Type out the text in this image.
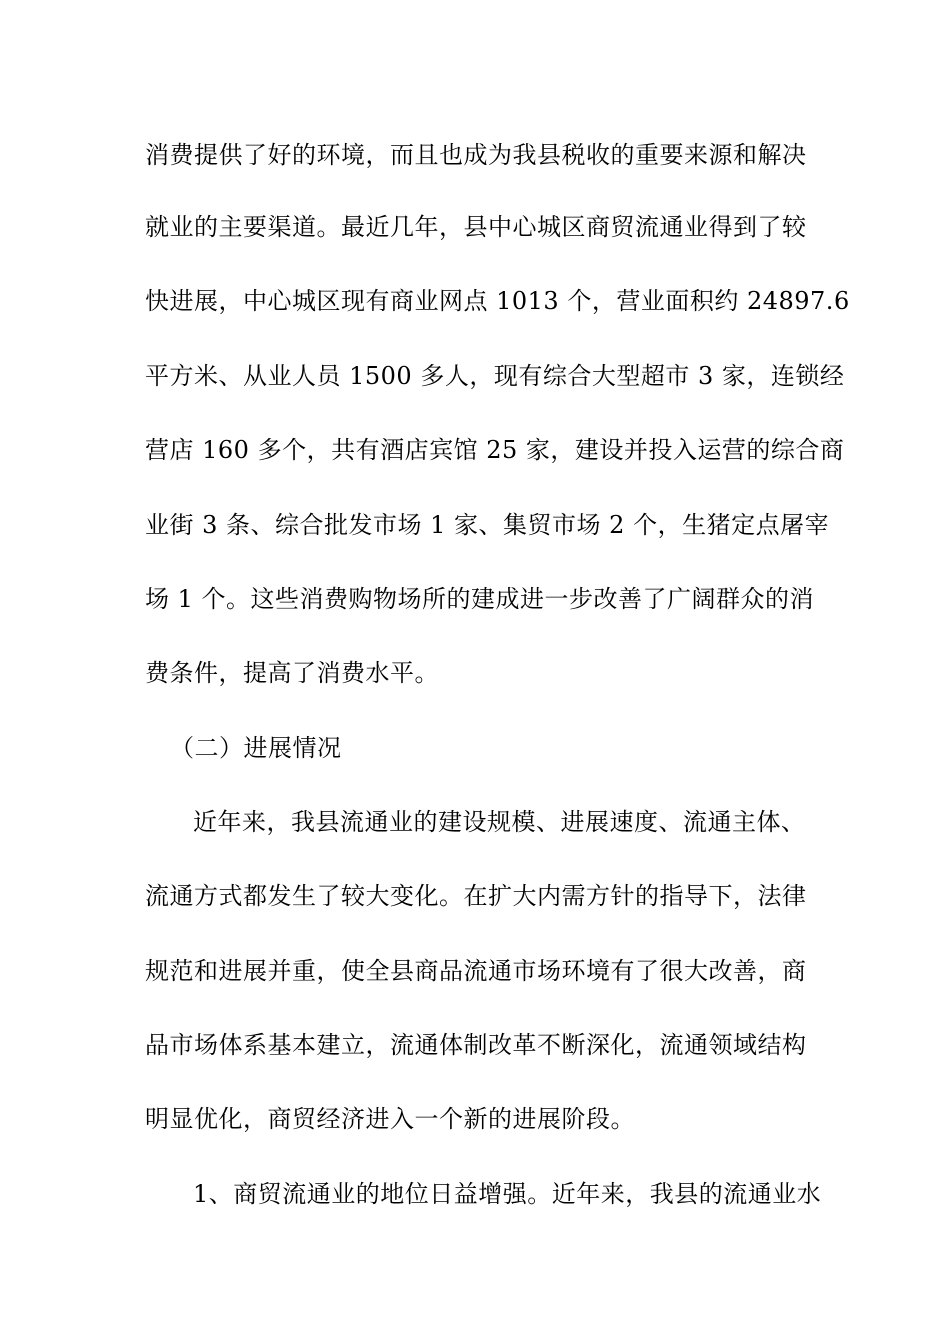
消费提供了好的环境，而且也成为我县税收的重要来源和解决
就业的主要渠道。最近几年，县中心城区商贸流通业得到了较
快进展，中心城区现有商业网点 1013 个，营业面积约 24897.6
平方米、从业人员 1500 多人，现有综合大型超市 3 家，连锁经
营店 160 多个，共有酒店宾馆 25 家，建设并投入运营的综合商
业街 3 条、综合批发市场 1 家、集贸市场 2 个，生猪定点屠宰
场 1 个。这些消费购物场所的建成进一步改善了广阔群众的消
费条件，提高了消费水平。
（二）进展情况
近年来，我县流通业的建设规模、进展速度、流通主体、
流通方式都发生了较大变化。在扩大内需方针的指导下，法律
规范和进展并重，使全县商品流通市场环境有了很大改善，商
品市场体系基本建立，流通体制改革不断深化，流通领域结构
明显优化，商贸经济进入一个新的进展阶段。
1、商贸流通业的地位日益增强。近年来，我县的流通业水
